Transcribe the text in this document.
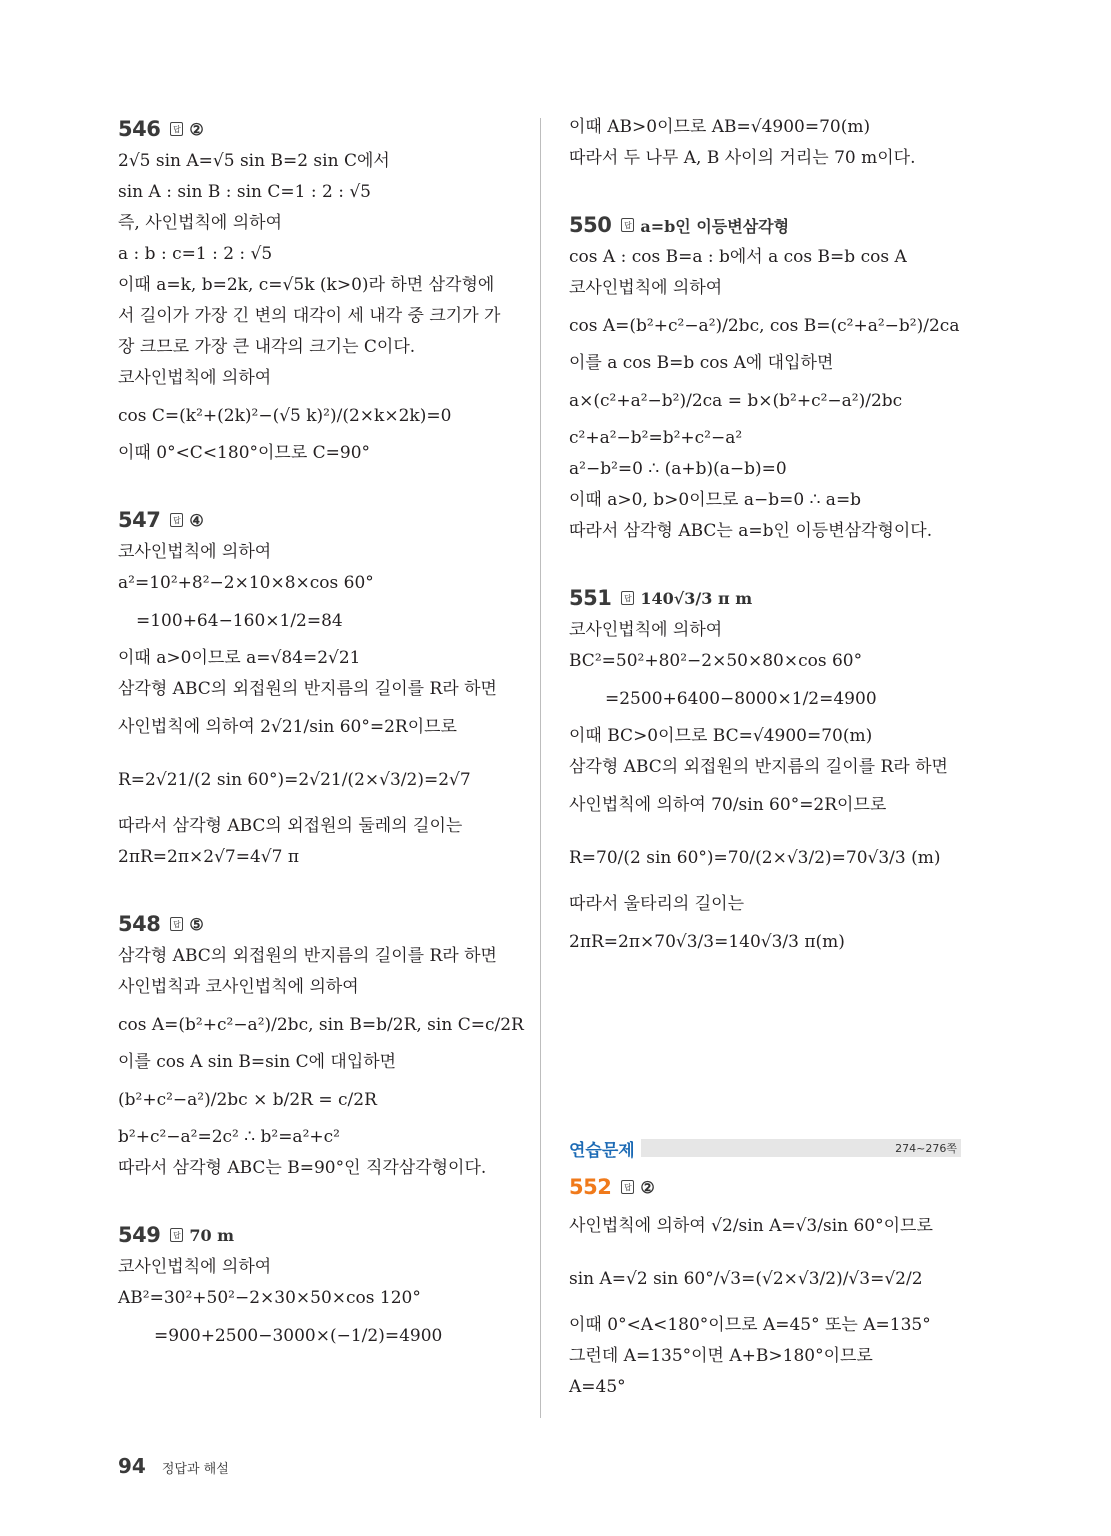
546	답 ②
2√5 sin A=√5 sin B=2 sin C에서
sin A : sin B : sin C=1 : 2 : √5
즉, 사인법칙에 의하여
a : b : c=1 : 2 : √5
이때 a=k, b=2k, c=√5k (k>0)라 하면 삼각형에
서 길이가 가장 긴 변의 대각이 세 내각 중 크기가 가
장 크므로 가장 큰 내각의 크기는 C이다.
코사인법칙에 의하여
cos C=(k²+(2k)²−(√5 k)²)/(2×k×2k)=0
이때 0°<C<180°이므로 C=90°
547	답 ④
코사인법칙에 의하여
a²=10²+8²−2×10×8×cos 60°
=100+64−160×1/2=84
이때 a>0이므로 a=√84=2√21
삼각형 ABC의 외접원의 반지름의 길이를 R라 하면
사인법칙에 의하여 2√21/sin 60°=2R이므로
R=2√21/(2 sin 60°)=2√21/(2×√3/2)=2√7
따라서 삼각형 ABC의 외접원의 둘레의 길이는
2πR=2π×2√7=4√7 π
548	답 ⑤
삼각형 ABC의 외접원의 반지름의 길이를 R라 하면
사인법칙과 코사인법칙에 의하여
cos A=(b²+c²−a²)/2bc, sin B=b/2R, sin C=c/2R
이를 cos A sin B=sin C에 대입하면
(b²+c²−a²)/2bc × b/2R = c/2R
b²+c²−a²=2c² ∴ b²=a²+c²
따라서 삼각형 ABC는 B=90°인 직각삼각형이다.
549	답 70 m
코사인법칙에 의하여
AB²=30²+50²−2×30×50×cos 120°
=900+2500−3000×(−1/2)=4900
이때 AB>0이므로 AB=√4900=70(m)
따라서 두 나무 A, B 사이의 거리는 70 m이다.
550	답 a=b인 이등변삼각형
cos A : cos B=a : b에서 a cos B=b cos A
코사인법칙에 의하여
cos A=(b²+c²−a²)/2bc, cos B=(c²+a²−b²)/2ca
이를 a cos B=b cos A에 대입하면
a×(c²+a²−b²)/2ca = b×(b²+c²−a²)/2bc
c²+a²−b²=b²+c²−a²
a²−b²=0 ∴ (a+b)(a−b)=0
이때 a>0, b>0이므로 a−b=0 ∴ a=b
따라서 삼각형 ABC는 a=b인 이등변삼각형이다.
551	답 140√3/3 π m
코사인법칙에 의하여
BC²=50²+80²−2×50×80×cos 60°
=2500+6400−8000×1/2=4900
이때 BC>0이므로 BC=√4900=70(m)
삼각형 ABC의 외접원의 반지름의 길이를 R라 하면
사인법칙에 의하여 70/sin 60°=2R이므로
R=70/(2 sin 60°)=70/(2×√3/2)=70√3/3 (m)
따라서 울타리의 길이는
2πR=2π×70√3/3=140√3/3 π(m)
연습문제	274~276쪽
552	답 ②
사인법칙에 의하여 √2/sin A=√3/sin 60°이므로
sin A=√2 sin 60°/√3=(√2×√3/2)/√3=√2/2
이때 0°<A<180°이므로 A=45° 또는 A=135°
그런데 A=135°이면 A+B>180°이므로
A=45°
94 정답과 해설
